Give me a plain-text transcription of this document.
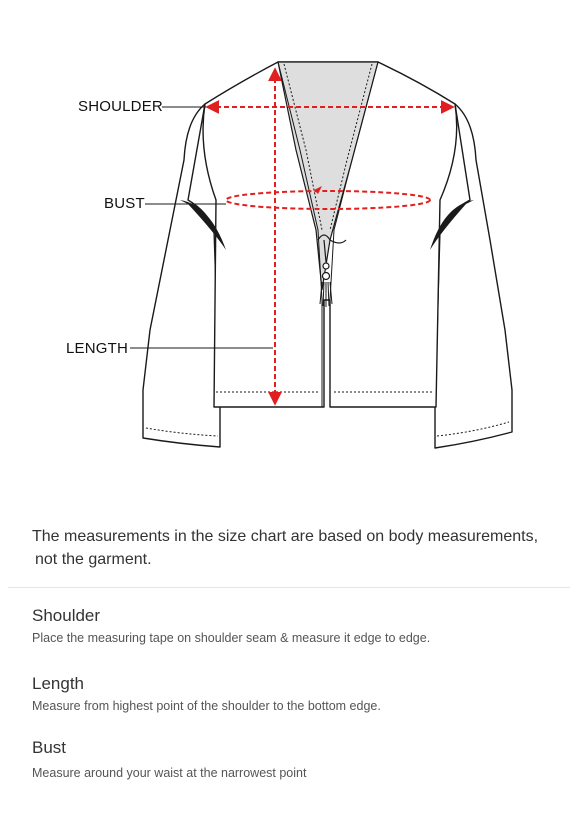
SHOULDER
BUST
LENGTH
The measurements in the size chart are based on body measurements,
not the garment.
Shoulder
Place the measuring tape on shoulder seam & measure it edge to edge.
Length
Measure from highest point of the shoulder to the bottom edge.
Bust
Measure around your waist at the narrowest point
